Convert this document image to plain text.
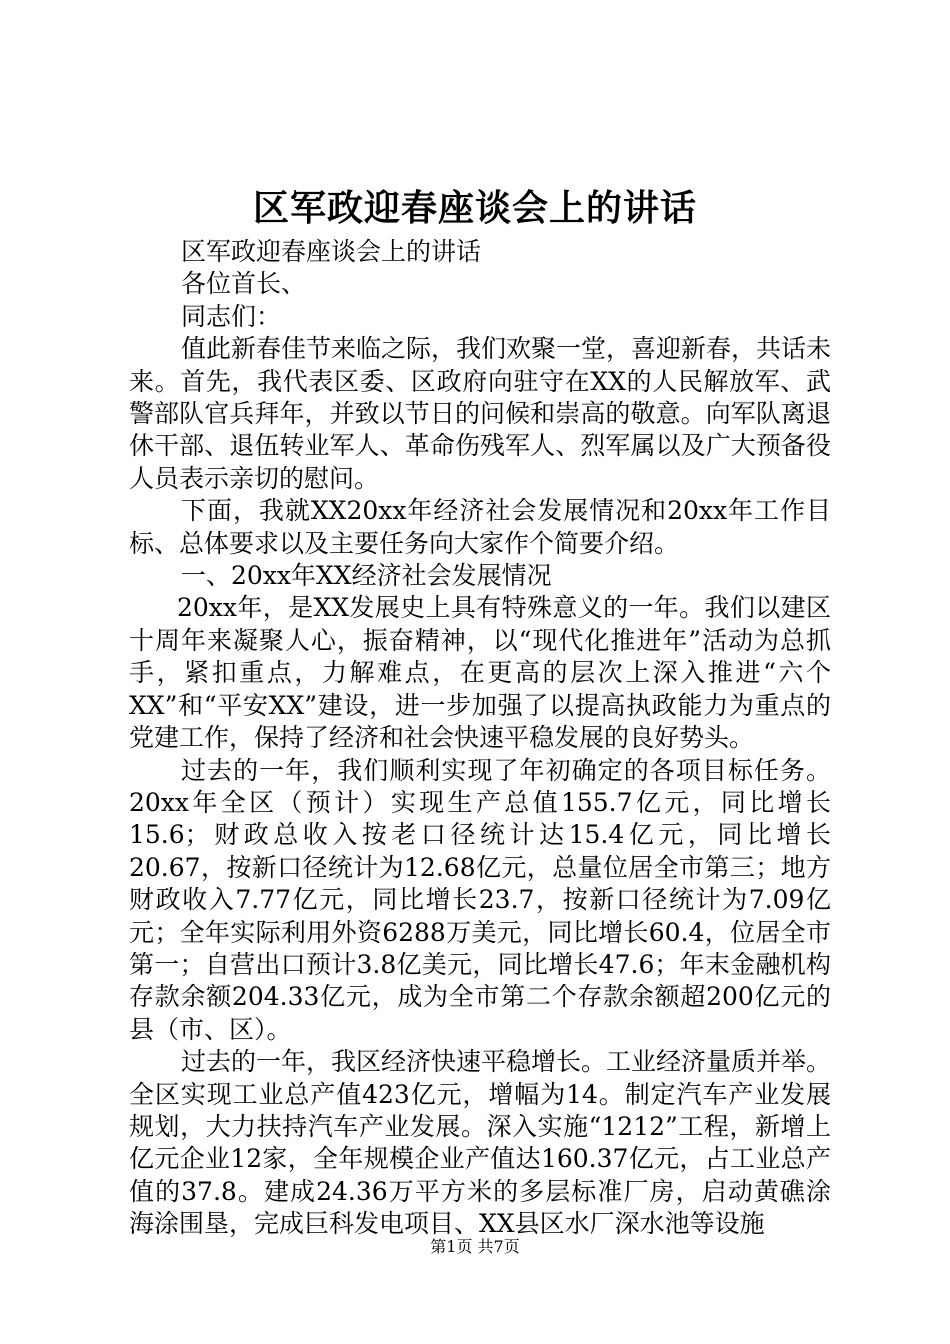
区军政迎春座谈会上的讲话

区军政迎春座谈会上的讲话

各位首长、

同志们：

值此新春佳节来临之际，我们欢聚一堂，喜迎新春，共话未来。首先，我代表区委、区政府向驻守在XX的人民解放军、武警部队官兵拜年，并致以节日的问候和崇高的敬意。向军队离退休干部、退伍转业军人、革命伤残军人、烈军属以及广大预备役人员表示亲切的慰问。

下面，我就XX20xx年经济社会发展情况和20xx年工作目标、总体要求以及主要任务向大家作个简要介绍。

一、20xx年XX经济社会发展情况

20xx年，是XX发展史上具有特殊意义的一年。我们以建区十周年来凝聚人心，振奋精神，以“现代化推进年”活动为总抓手，紧扣重点，力解难点，在更高的层次上深入推进“六个XX”和“平安XX”建设，进一步加强了以提高执政能力为重点的党建工作，保持了经济和社会快速平稳发展的良好势头。

过去的一年，我们顺利实现了年初确定的各项目标任务。20xx年全区（预计）实现生产总值155.7亿元，同比增长15.6；财政总收入按老口径统计达15.4亿元，同比增长20.67，按新口径统计为12.68亿元，总量位居全市第三；地方财政收入7.77亿元，同比增长23.7，按新口径统计为7.09亿元；全年实际利用外资6288万美元，同比增长60.4，位居全市第一；自营出口预计3.8亿美元，同比增长47.6；年末金融机构存款余额204.33亿元，成为全市第二个存款余额超200亿元的县（市、区）。

过去的一年，我区经济快速平稳增长。工业经济量质并举。全区实现工业总产值423亿元，增幅为14。制定汽车产业发展规划，大力扶持汽车产业发展。深入实施“1212”工程，新增上亿元企业12家，全年规模企业产值达160.37亿元，占工业总产值的37.8。建成24.36万平方米的多层标准厂房，启动黄礁涂海涂围垦，完成巨科发电项目、XX县区水厂深水池等设施

第1页 共7页
